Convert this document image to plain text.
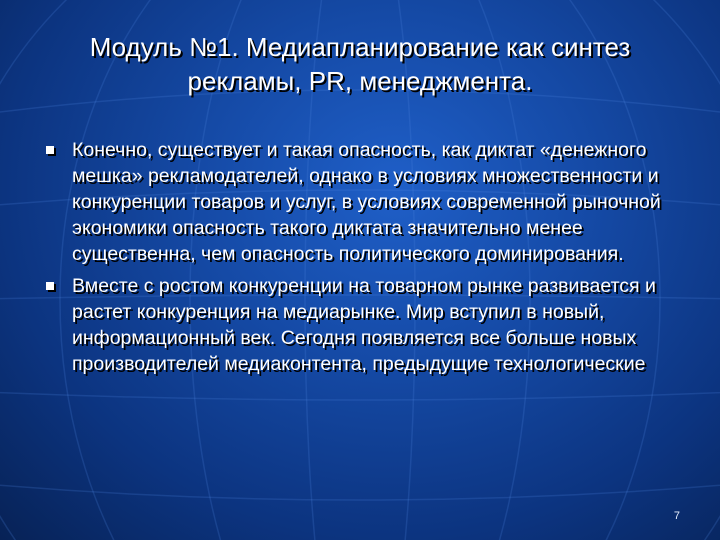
Модуль №1. Медиапланирование как синтез рекламы, PR, менеджмента.
Конечно, существует и такая опасность, как диктат «денежного мешка» рекламодателей, однако в условиях множественности и конкуренции товаров и услуг, в условиях современной рыночной экономики опасность такого диктата значительно менее существенна, чем опасность политического доминирования.
Вместе с ростом конкуренции на товарном рынке развивается и растет конкуренция на медиарынке. Мир вступил в новый, информационный век. Сегодня появляется все больше новых производителей медиаконтента, предыдущие технологические
7
